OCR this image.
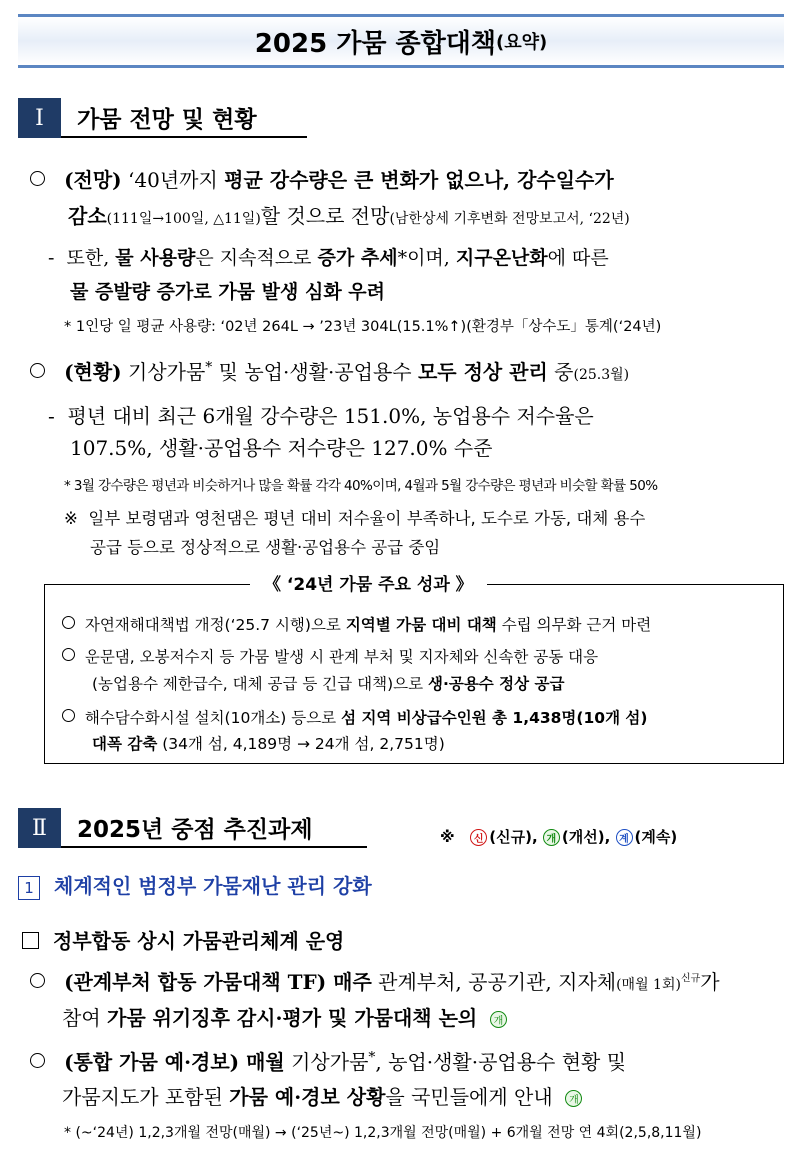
2025 가뭄 종합대책 (요약)
Ⅰ	가뭄 전망 및 현황
(전망) ‘40년까지 평균 강수량은 큰 변화가 없으나, 강수일수가
감소(111일→100일, △11일)할 것으로 전망(남한상세 기후변화 전망보고서, ‘22년)
-  또한, 물 사용량은 지속적으로 증가 추세*이며, 지구온난화에 따른
물 증발량 증가로 가뭄 발생 심화 우려
* 1인당 일 평균 사용량: ‘02년 264L → ’23년 304L(15.1%↑)(환경부「상수도」통계(‘24년)
(현황) 기상가뭄* 및 농업·생활·공업용수 모두 정상 관리 중(25.3월)
-  평년 대비 최근 6개월 강수량은 151.0%, 농업용수 저수율은
107.5%, 생활·공업용수 저수량은 127.0% 수준
* 3월 강수량은 평년과 비슷하거나 많을 확률 각각 40%이며, 4월과 5월 강수량은 평년과 비슷할 확률 50%
※ 일부 보령댐과 영천댐은 평년 대비 저수율이 부족하나, 도수로 가동, 대체 용수
공급 등으로 정상적으로 생활·공업용수 공급 중임
《 ‘24년 가뭄 주요 성과 》
자연재해대책법 개정(‘25.7 시행)으로 지역별 가뭄 대비 대책 수립 의무화 근거 마련
운문댐, 오봉저수지 등 가뭄 발생 시 관계 부처 및 지자체와 신속한 공동 대응
(농업용수 제한급수, 대체 공급 등 긴급 대책)으로 생·공용수 정상 공급
해수담수화시설 설치(10개소) 등으로 섬 지역 비상급수인원 총 1,438명(10개 섬)
대폭 감축 (34개 섬, 4,189명 → 24개 섬, 2,751명)
Ⅱ	2025년 중점 추진과제	※ 신 (신규), 개 (개선), 계 (계속)
1 체계적인 범정부 가뭄재난 관리 강화
정부합동 상시 가뭄관리체계 운영
(관계부처 합동 가뭄대책 TF) 매주 관계부처, 공공기관, 지자체(매월 1회)$^{신규}$가
참여 가뭄 위기징후 감시·평가 및 가뭄대책 논의 개
(통합 가뭄 예·경보) 매월 기상가뭄*, 농업·생활·공업용수 현황 및
가뭄지도가 포함된 가뭄 예·경보 상황을 국민들에게 안내 개
* (~‘24년) 1,2,3개월 전망(매월) → (‘25년~) 1,2,3개월 전망(매월) + 6개월 전망 연 4회(2,5,8,11월)
